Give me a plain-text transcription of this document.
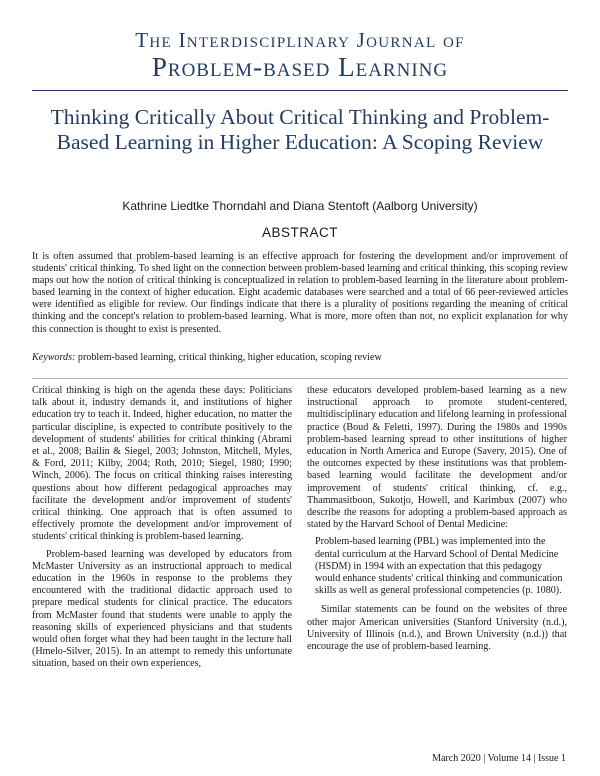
The Interdisciplinary Journal of
Problem-based Learning
Thinking Critically About Critical Thinking and Problem-Based Learning in Higher Education: A Scoping Review
Kathrine Liedtke Thorndahl and Diana Stentoft (Aalborg University)
ABSTRACT
It is often assumed that problem-based learning is an effective approach for fostering the development and/or improvement of students' critical thinking. To shed light on the connection between problem-based learning and critical thinking, this scoping review maps out how the notion of critical thinking is conceptualized in relation to problem-based learning in the literature about problem-based learning in the context of higher education. Eight academic databases were searched and a total of 66 peer-reviewed articles were identified as eligible for review. Our findings indicate that there is a plurality of positions regarding the meaning of critical thinking and the concept's relation to problem-based learning. What is more, more often than not, no explicit explanation for why this connection is thought to exist is presented.
Keywords: problem-based learning, critical thinking, higher education, scoping review

Critical thinking is high on the agenda these days: Politicians talk about it, industry demands it, and institutions of higher education try to teach it. Indeed, higher education, no matter the particular discipline, is expected to contribute positively to the development of students' abilities for critical thinking (Abrami et al., 2008; Bailin & Siegel, 2003; Johnston, Mitchell, Myles, & Ford, 2011; Kilby, 2004; Roth, 2010; Siegel, 1980; 1990; Winch, 2006). The focus on critical thinking raises interesting questions about how different pedagogical approaches may facilitate the development and/or improvement of students' critical thinking. One approach that is often assumed to effectively promote the development and/or improvement of students' critical thinking is problem-based learning.

Problem-based learning was developed by educators from McMaster University as an instructional approach to medical education in the 1960s in response to the problems they encountered with the traditional didactic approach used to prepare medical students for clinical practice. The educators from McMaster found that students were unable to apply the reasoning skills of experienced physicians and that students would often forget what they had been taught in the lecture hall (Hmelo-Silver, 2015). In an attempt to remedy this unfortunate situation, based on their own experiences,

these educators developed problem-based learning as a new instructional approach to promote student-centered, multidisciplinary education and lifelong learning in professional practice (Boud & Feletti, 1997). During the 1980s and 1990s problem-based learning spread to other institutions of higher education in North America and Europe (Savery, 2015). One of the outcomes expected by these institutions was that problem-based learning would facilitate the development and/or improvement of students' critical thinking, cf. e.g., Thammasitboon, Sukotjo, Howell, and Karimbux (2007) who describe the reasons for adopting a problem-based approach as stated by the Harvard School of Dental Medicine:

Problem-based learning (PBL) was implemented into the dental curriculum at the Harvard School of Dental Medicine (HSDM) in 1994 with an expectation that this pedagogy would enhance students' critical thinking and communication skills as well as general professional competencies (p. 1080).

Similar statements can be found on the websites of three other major American universities (Stanford University (n.d.), University of Illinois (n.d.), and Brown University (n.d.)) that encourage the use of problem-based learning.

March 2020 | Volume 14 | Issue 1
